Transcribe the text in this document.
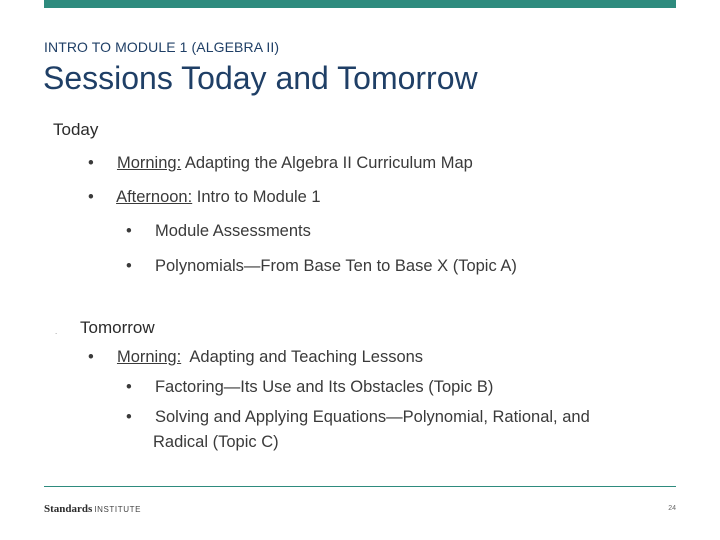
INTRO TO MODULE 1 (ALGEBRA II)
Sessions Today and Tomorrow
Today
• Morning: Adapting the Algebra II Curriculum Map
• Afternoon: Intro to Module 1
• Module Assessments
• Polynomials—From Base Ten to Base X (Topic A)
. Tomorrow
• Morning:  Adapting and Teaching Lessons
• Factoring—Its Use and Its Obstacles (Topic B)
• Solving and Applying Equations—Polynomial, Rational, and
Radical (Topic C)
Standards INSTITUTE	24
